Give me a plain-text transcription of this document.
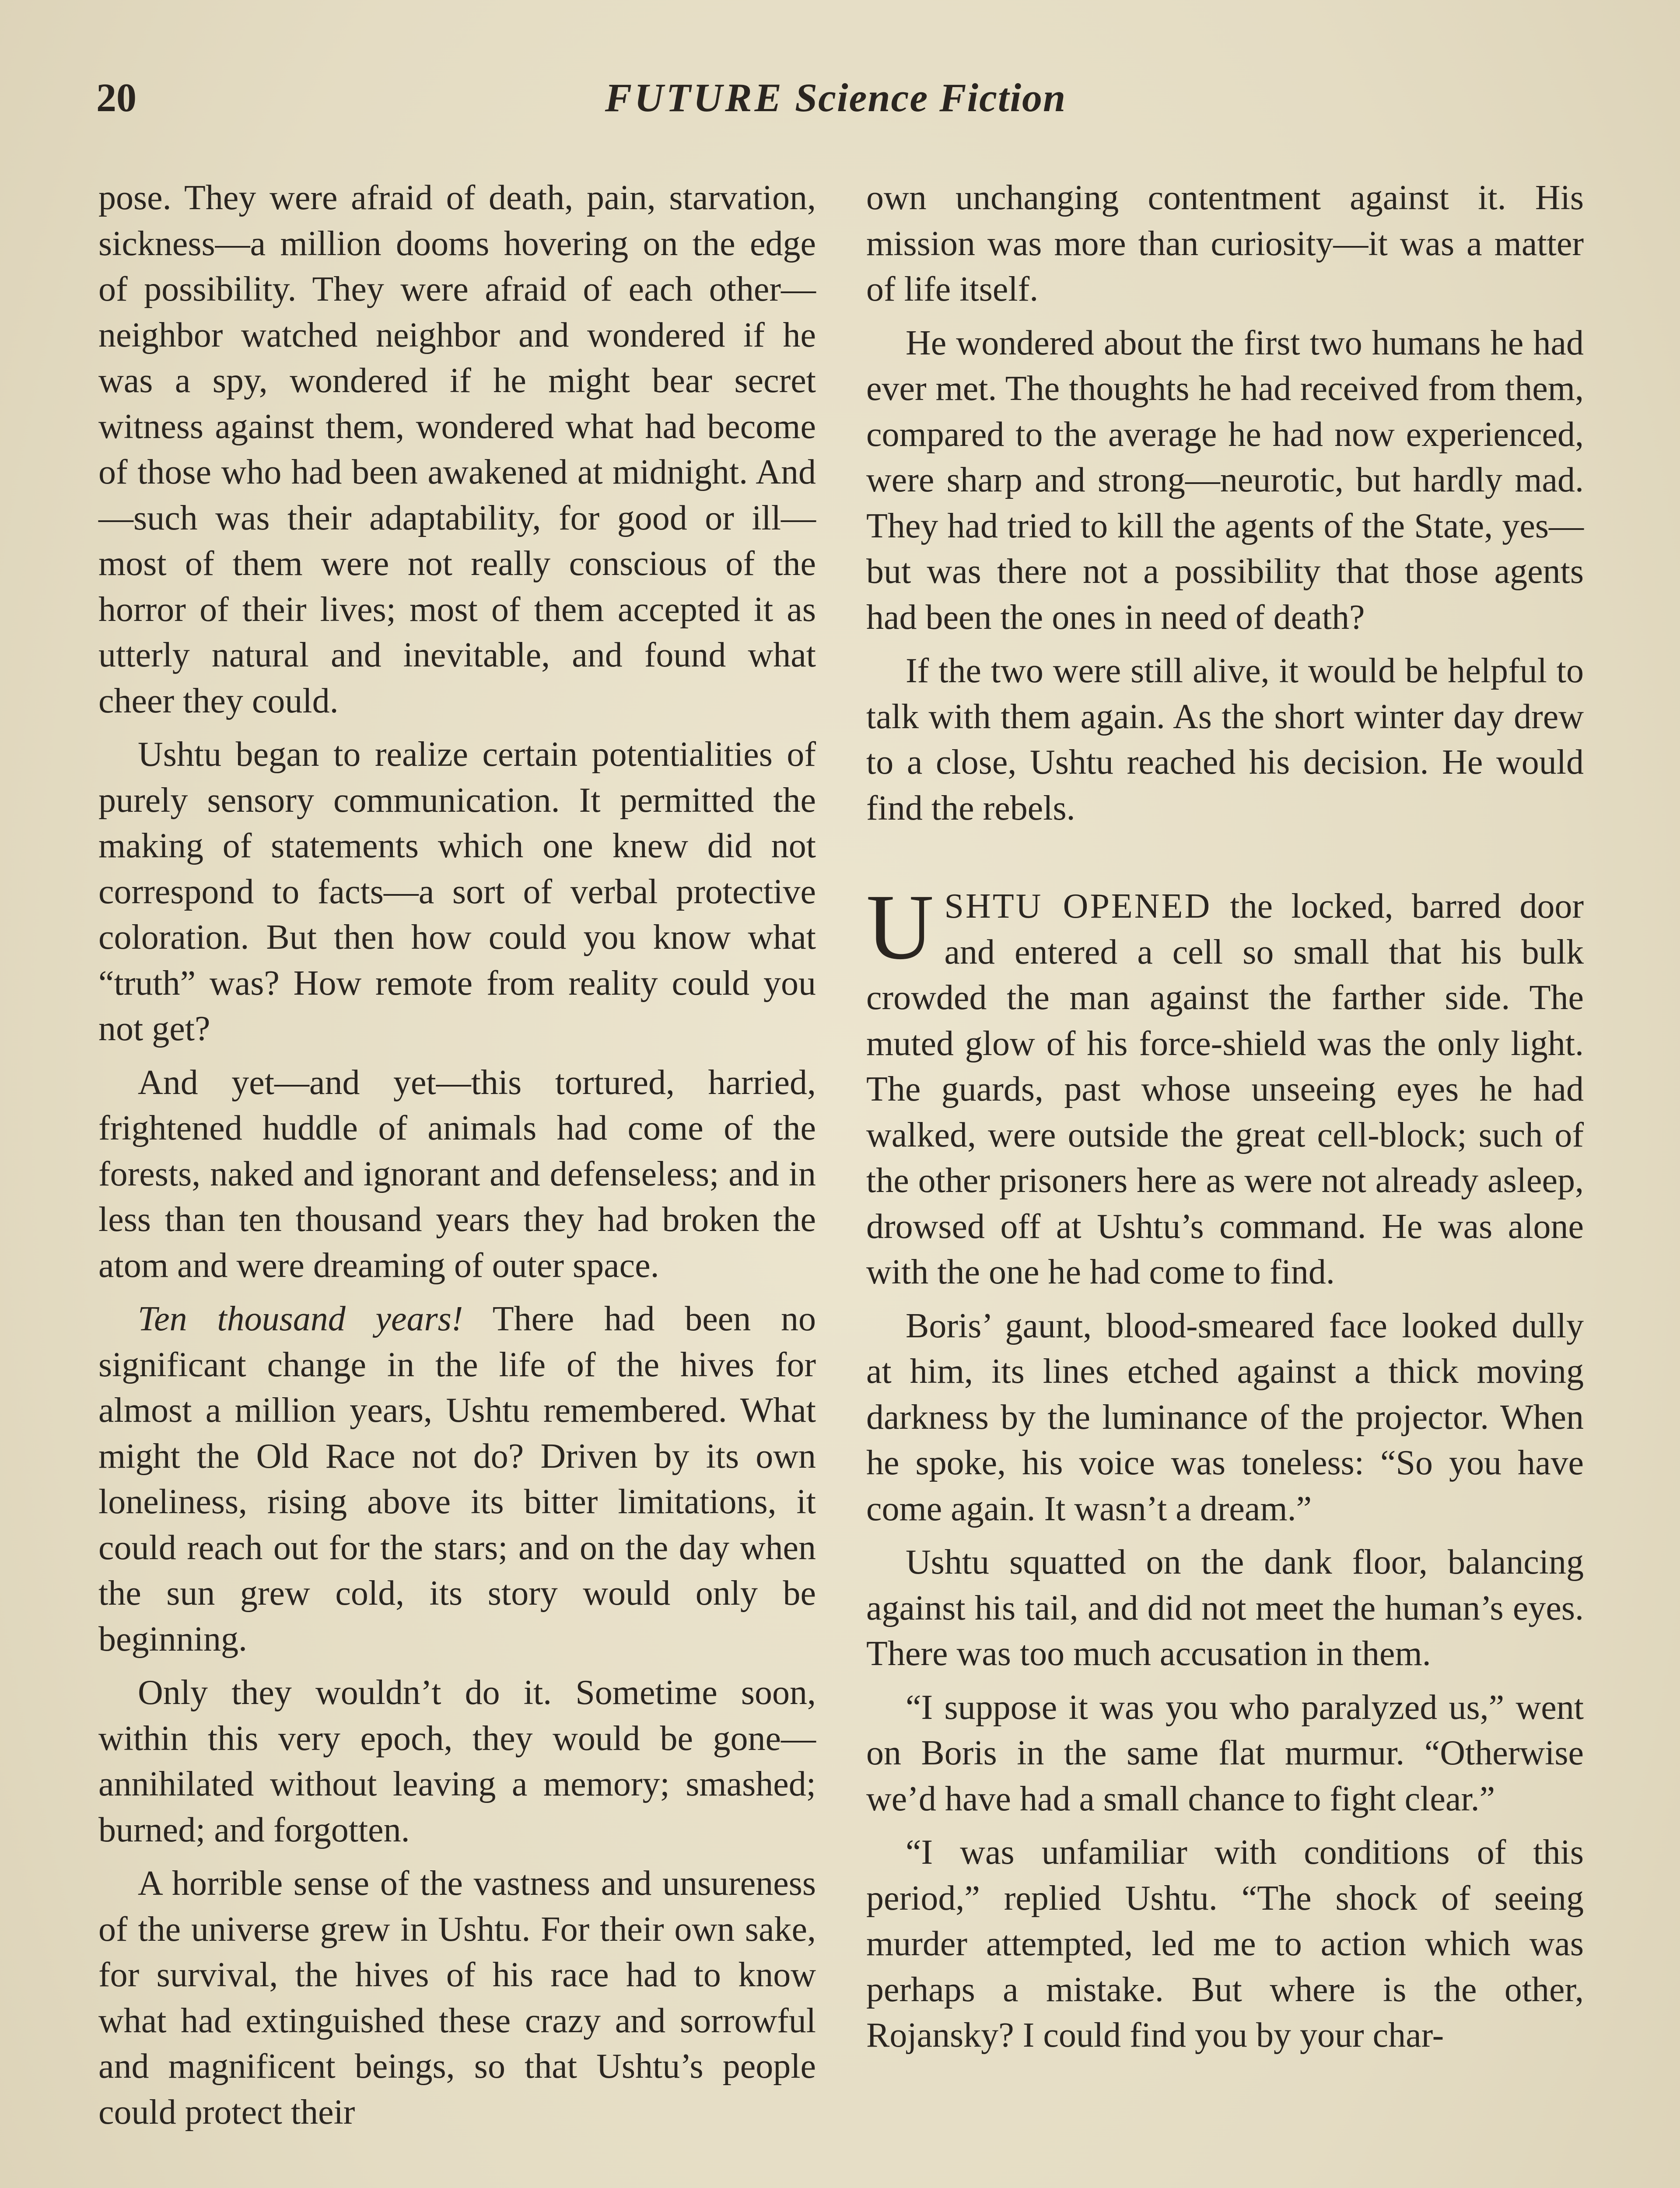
20	FUTURE Science Fiction

pose. They were afraid of death, pain, starvation, sickness—a million dooms hovering on the edge of possibility. They were afraid of each other—neighbor watched neighbor and wondered if he was a spy, wondered if he might bear secret witness against them, wondered what had become of those who had been awakened at midnight. And—such was their adaptability, for good or ill—most of them were not really conscious of the horror of their lives; most of them accepted it as utterly natural and inevitable, and found what cheer they could.

Ushtu began to realize certain potentialities of purely sensory communication. It permitted the making of statements which one knew did not correspond to facts—a sort of verbal protective coloration. But then how could you know what “truth” was? How remote from reality could you not get?

And yet—and yet—this tortured, harried, frightened huddle of animals had come of the forests, naked and ignorant and defenseless; and in less than ten thousand years they had broken the atom and were dreaming of outer space.

Ten thousand years! There had been no significant change in the life of the hives for almost a million years, Ushtu remembered. What might the Old Race not do? Driven by its own loneliness, rising above its bitter limitations, it could reach out for the stars; and on the day when the sun grew cold, its story would only be beginning.

Only they wouldn’t do it. Sometime soon, within this very epoch, they would be gone—annihilated without leaving a memory; smashed; burned; and forgotten.

A horrible sense of the vastness and unsureness of the universe grew in Ushtu. For their own sake, for survival, the hives of his race had to know what had extinguished these crazy and sorrowful and magnificent beings, so that Ushtu’s people could protect their

own unchanging contentment against it. His mission was more than curiosity—it was a matter of life itself.

He wondered about the first two humans he had ever met. The thoughts he had received from them, compared to the average he had now experienced, were sharp and strong—neurotic, but hardly mad. They had tried to kill the agents of the State, yes—but was there not a possibility that those agents had been the ones in need of death?

If the two were still alive, it would be helpful to talk with them again. As the short winter day drew to a close, Ushtu reached his decision. He would find the rebels.

USHTU OPENED the locked, barred door and entered a cell so small that his bulk crowded the man against the farther side. The muted glow of his force-shield was the only light. The guards, past whose unseeing eyes he had walked, were outside the great cell-block; such of the other prisoners here as were not already asleep, drowsed off at Ushtu’s command. He was alone with the one he had come to find.

Boris’ gaunt, blood-smeared face looked dully at him, its lines etched against a thick moving darkness by the luminance of the projector. When he spoke, his voice was toneless: “So you have come again. It wasn’t a dream.”

Ushtu squatted on the dank floor, balancing against his tail, and did not meet the human’s eyes. There was too much accusation in them.

“I suppose it was you who paralyzed us,” went on Boris in the same flat murmur. “Otherwise we’d have had a small chance to fight clear.”

“I was unfamiliar with conditions of this period,” replied Ushtu. “The shock of seeing murder attempted, led me to action which was perhaps a mistake. But where is the other, Rojansky? I could find you by your char-
